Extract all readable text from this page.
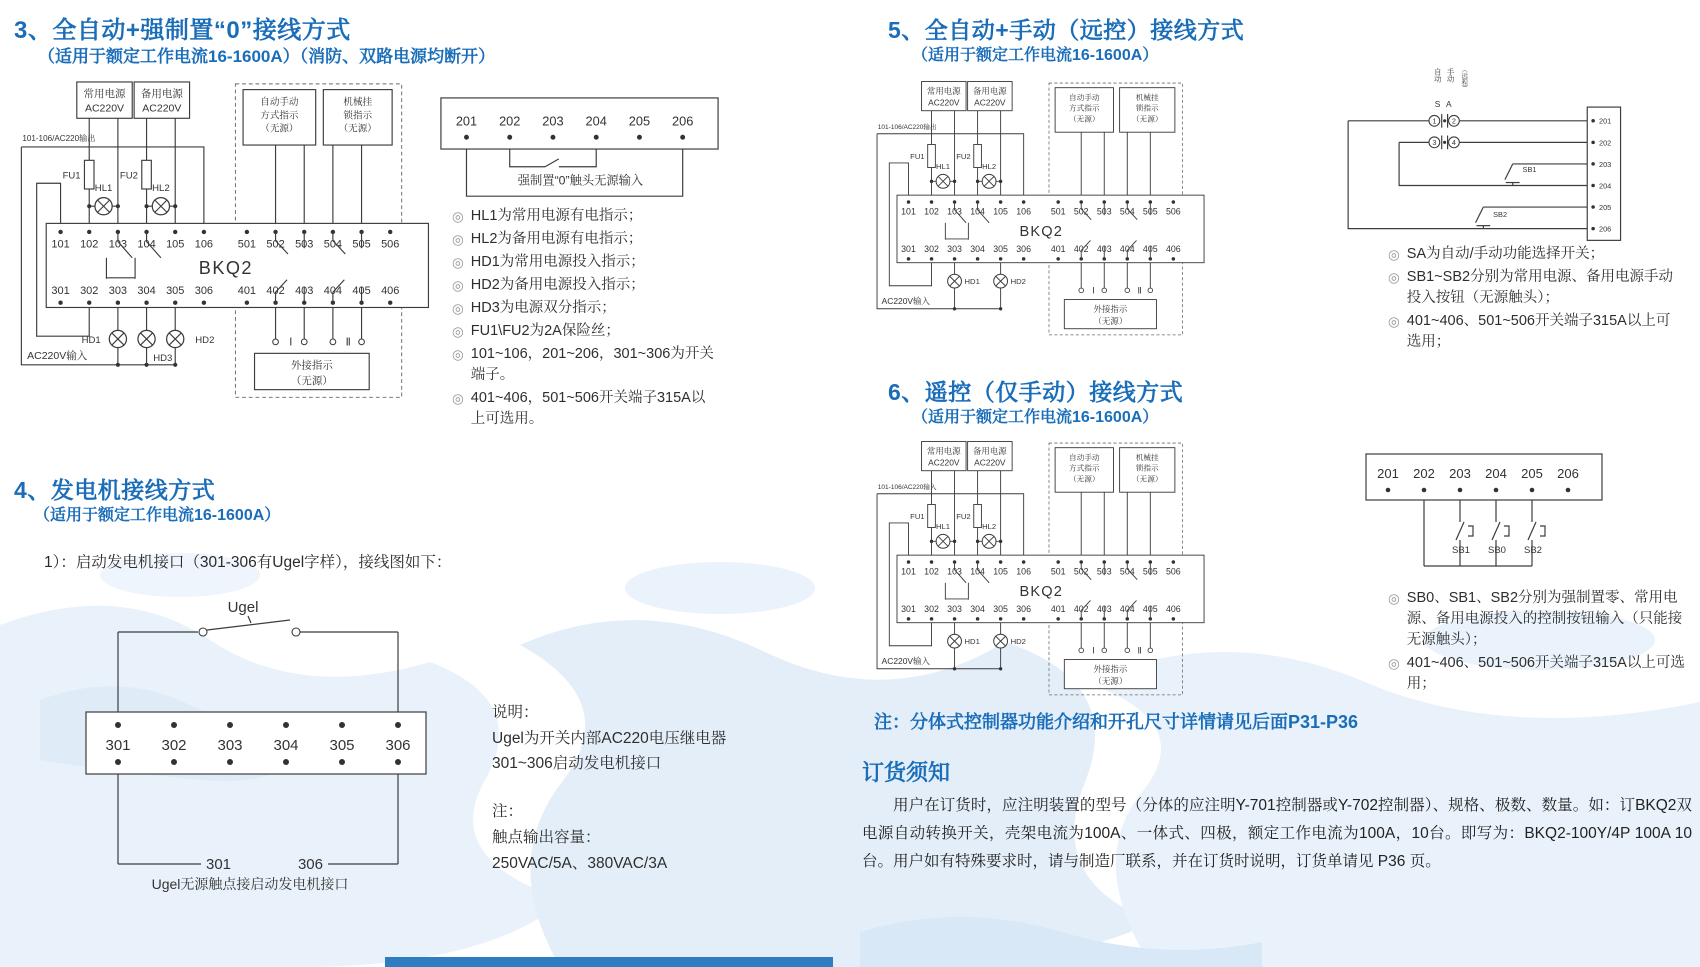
3、全自动+强制置“0”接线方式
（适用于额定工作电流16-1600A）（消防、双路电源均断开）
常用电源
AC220V
备用电源
AC220V
101-106/AC220输出
FU1	FU2
HL1	HL2
自动手动
方式指示
（无源）
机械挂
锁指示
（无源）
BKQ2
101 102 103 104 105 106 501 502 503 504 505 506
301 302 303 304 305 306 401 402 403 404 405 406
Ⅰ	Ⅱ
外接指示
（无源）
AC220V输入
HD1
HD3
HD2
201 202 203 204 205 206
强制置“0”触头无源输入
◎ HL1为常用电源有电指示；
◎ HL2为备用电源有电指示；
◎ HD1为常用电源投入指示；
◎ HD2为备用电源投入指示；
◎ HD3为电源双分指示；
◎ FU1\FU2为2A保险丝；
◎ 101~106，201~206，301~306为开关端子。
◎ 401~406，501~506开关端子315A以上可选用。
4、发电机接线方式
（适用于额定工作电流16-1600A）
1）：启动发电机接口（301-306有Ugel字样），接线图如下：
Ugel
301 302 303 304 305 306
301	306
Ugel无源触点接启动发电机接口
说明：
Ugel为开关内部AC220电压继电器
301~306启动发电机接口
注：
触点输出容量：
250VAC/5A、380VAC/3A
5、全自动+手动（远控）接线方式
（适用于额定工作电流16-1600A）
常用电源
AC220V
备用电源
AC220V
101-106/AC220输出
FU1	FU2
HL1	HL2
自动手动
方式指示
（无源）
机械挂
锁指示
（无源）
BKQ2
101 102 103 104 105 106 501 502 503 504 505 506
301 302 303 304 305 306 401 402 403 404 405 406
Ⅰ	Ⅱ
外接指示
（无源）
AC220V输入
HD1	HD2
自动 手动 （远程）
S A
1 2
3 4
SB1
SB2
201
202
203
204
205
206
◎ SA为自动/手动功能选择开关；
◎ SB1~SB2分别为常用电源、备用电源手动投入按钮（无源触头）；
◎ 401~406、501~506开关端子315A以上可选用；
6、遥控（仅手动）接线方式
（适用于额定工作电流16-1600A）
常用电源
AC220V
备用电源
AC220V
101-106/AC220输入
FU1	FU2
HL1	HL2
自动手动
方式指示
（无源）
机械挂
锁指示
（无源）
BKQ2
101 102 103 104 105 106 501 502 503 504 505 506
301 302 303 304 305 306 401 402 403 404 405 406
Ⅰ	Ⅱ
外接指示
（无源）
AC220V输入
HD1	HD2
201 202 203 204 205 206
SB1 SB0 SB2
◎ SB0、SB1、SB2分别为强制置零、常用电源、备用电源投入的控制按钮输入（只能接无源触头）；
◎ 401~406、501~506开关端子315A以上可选用；
注：分体式控制器功能介绍和开孔尺寸详情请见后面P31-P36
订货须知
用户在订货时，应注明装置的型号（分体的应注明Y-701控制器或Y-702控制器）、规格、极数、数量。如：订BKQ2双电源自动转换开关，壳架电流为100A、一体式、四极，额定工作电流为100A，10台。即写为：BKQ2-100Y/4P 100A 10台。用户如有特殊要求时，请与制造厂联系，并在订货时说明，订货单请见 P36 页。
